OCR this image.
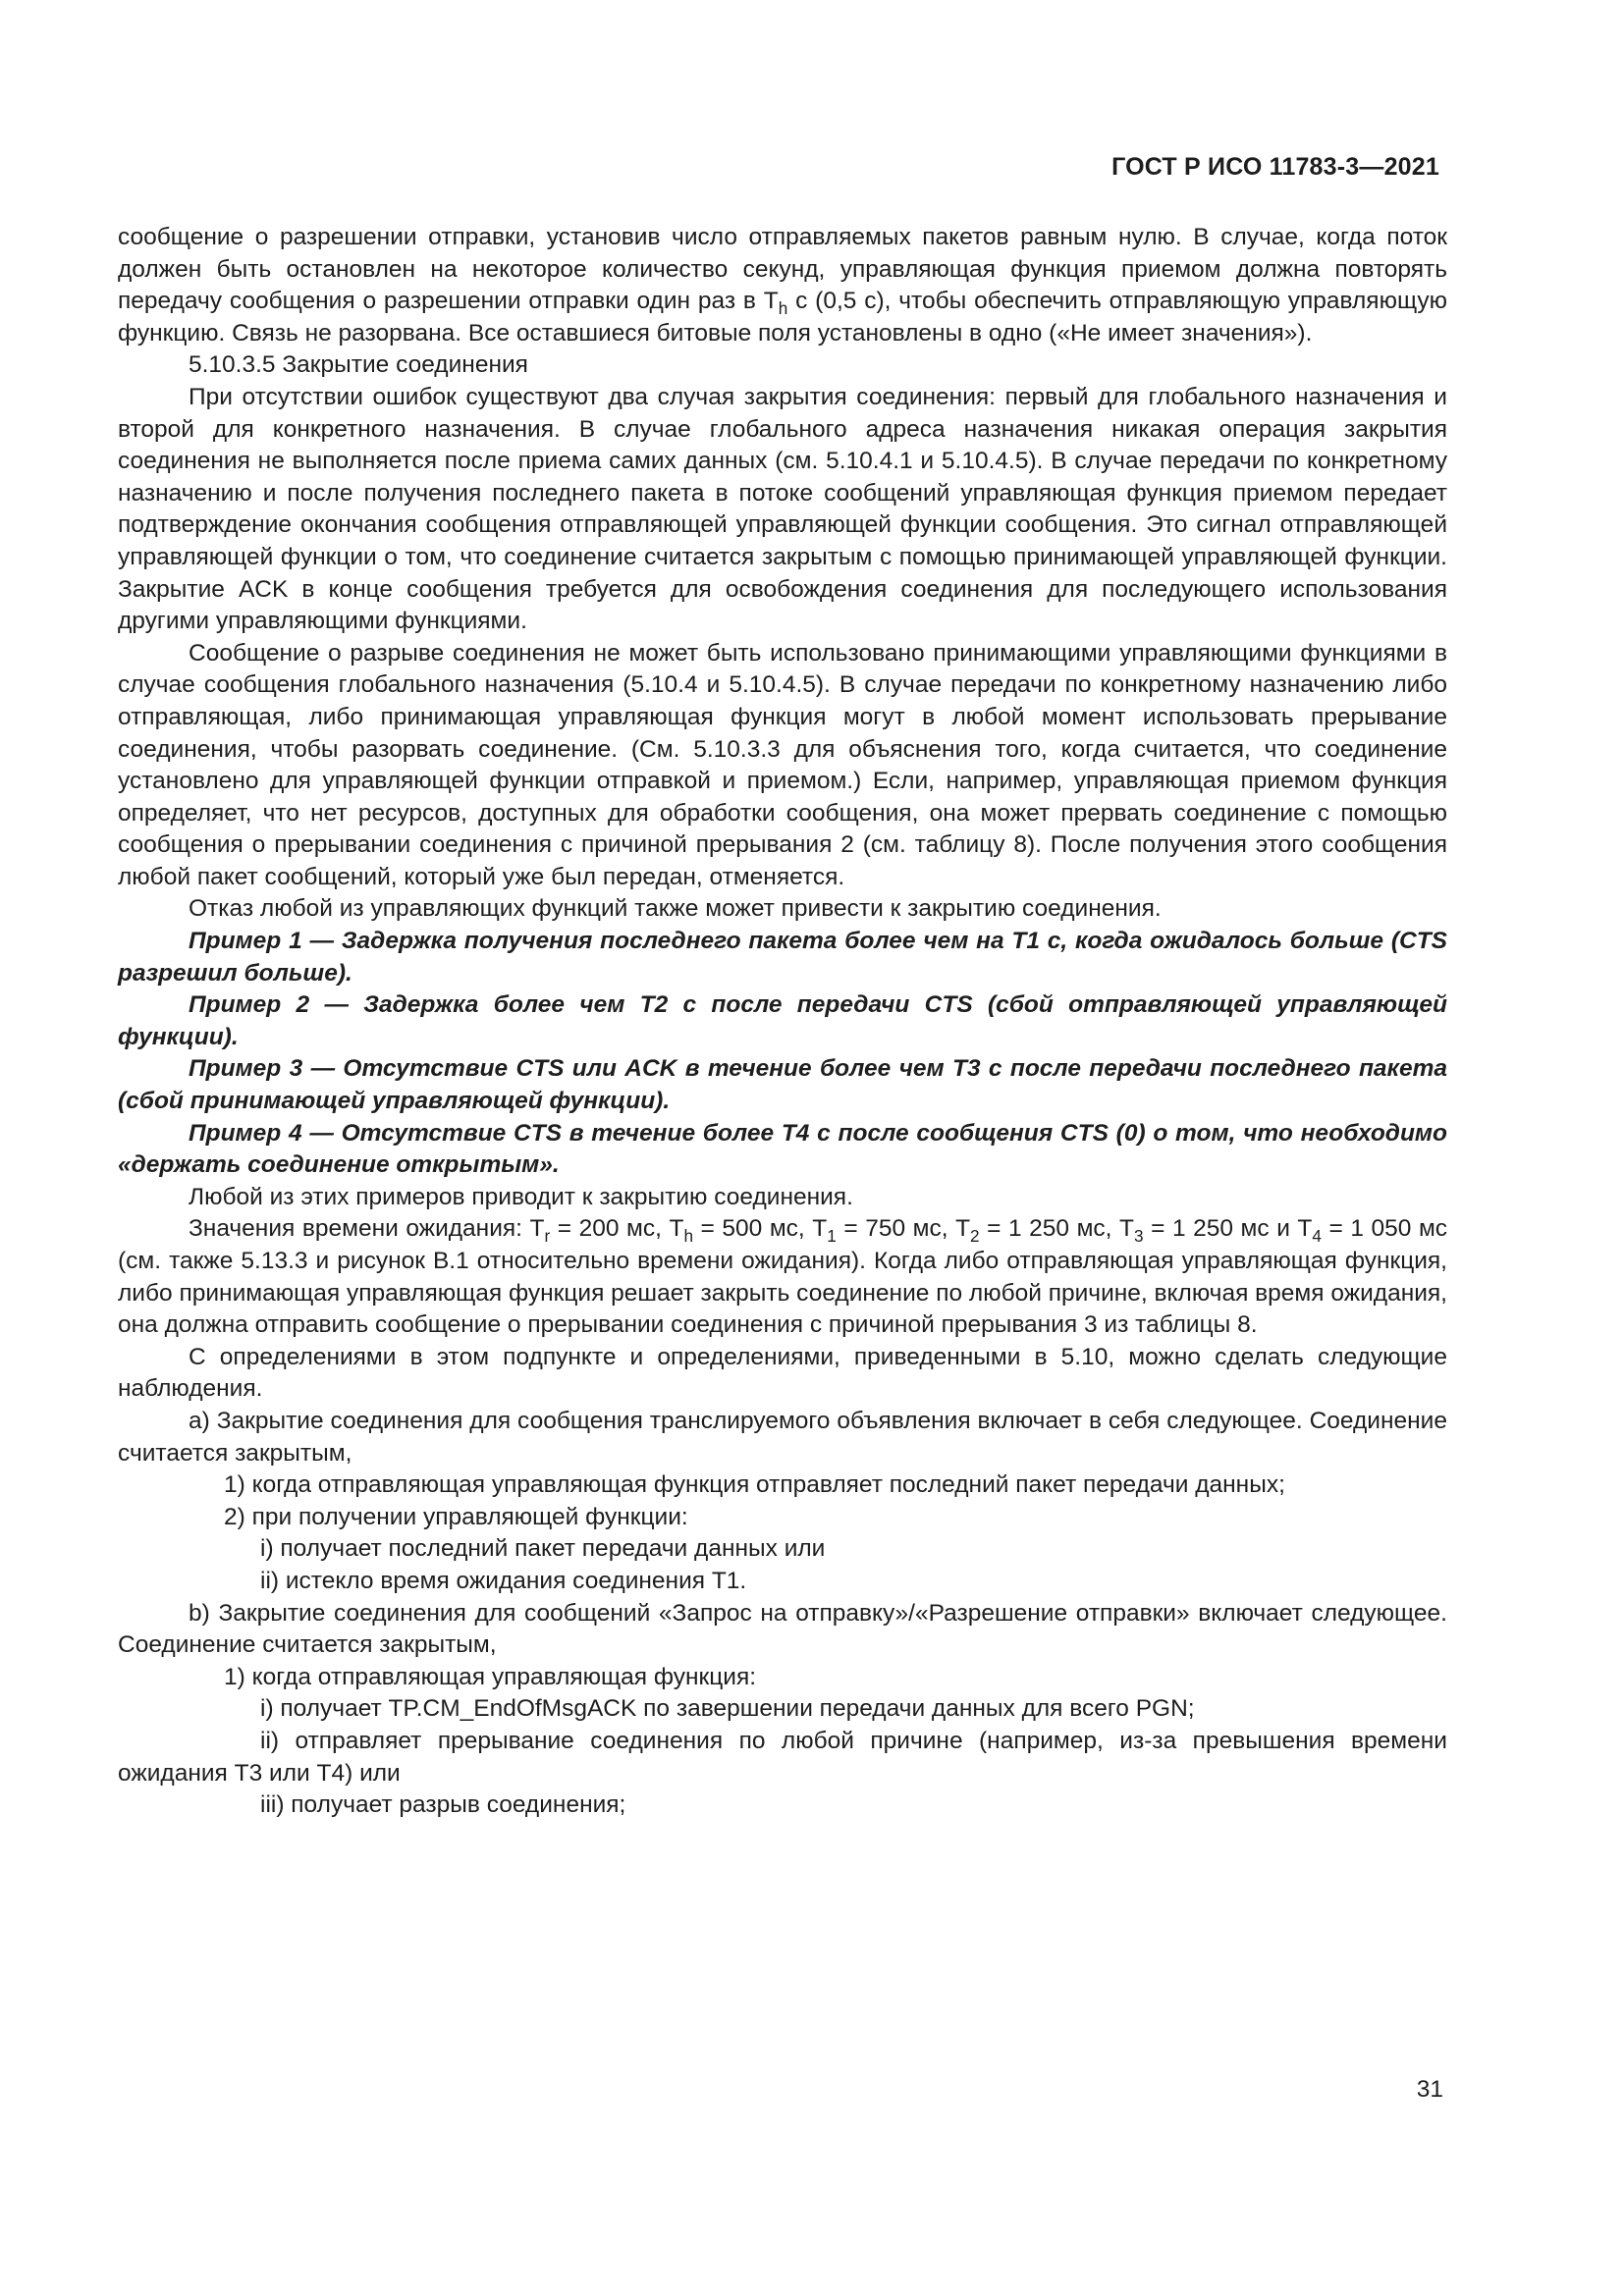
ГОСТ Р ИСО 11783-3—2021

сообщение о разрешении отправки, установив число отправляемых пакетов равным нулю. В случае, когда поток должен быть остановлен на некоторое количество секунд, управляющая функция приемом должна повторять передачу сообщения о разрешении отправки один раз в $T_h$ с (0,5 с), чтобы обеспечить отправляющую управляющую функцию. Связь не разорвана. Все оставшиеся битовые поля установлены в одно («Не имеет значения»).

5.10.3.5 Закрытие соединения

При отсутствии ошибок существуют два случая закрытия соединения: первый для глобального назначения и второй для конкретного назначения. В случае глобального адреса назначения никакая операция закрытия соединения не выполняется после приема самих данных (см. 5.10.4.1 и 5.10.4.5). В случае передачи по конкретному назначению и после получения последнего пакета в потоке сообщений управляющая функция приемом передает подтверждение окончания сообщения отправляющей управляющей функции сообщения. Это сигнал отправляющей управляющей функции о том, что соединение считается закрытым с помощью принимающей управляющей функции. Закрытие ACK в конце сообщения требуется для освобождения соединения для последующего использования другими управляющими функциями.

Сообщение о разрыве соединения не может быть использовано принимающими управляющими функциями в случае сообщения глобального назначения (5.10.4 и 5.10.4.5). В случае передачи по конкретному назначению либо отправляющая, либо принимающая управляющая функция могут в любой момент использовать прерывание соединения, чтобы разорвать соединение. (См. 5.10.3.3 для объяснения того, когда считается, что соединение установлено для управляющей функции отправкой и приемом.) Если, например, управляющая приемом функция определяет, что нет ресурсов, доступных для обработки сообщения, она может прервать соединение с помощью сообщения о прерывании соединения с причиной прерывания 2 (см. таблицу 8). После получения этого сообщения любой пакет сообщений, который уже был передан, отменяется.

Отказ любой из управляющих функций также может привести к закрытию соединения.

Пример 1 — Задержка получения последнего пакета более чем на T1 с, когда ожидалось больше (CTS разрешил больше).

Пример 2 — Задержка более чем T2 с после передачи CTS (сбой отправляющей управляющей функции).

Пример 3 — Отсутствие CTS или ACK в течение более чем T3 с после передачи последнего пакета (сбой принимающей управляющей функции).

Пример 4 — Отсутствие CTS в течение более T4 с после сообщения CTS (0) о том, что необходимо «держать соединение открытым».

Любой из этих примеров приводит к закрытию соединения.

Значения времени ожидания: $T_r = 200$ мс, $T_h = 500$ мс, $T_1 = 750$ мс, $T_2 = 1$ 250 мс, $T_3 = 1$ 250 мс и $T_4 = 1$ 050 мс (см. также 5.13.3 и рисунок B.1 относительно времени ожидания). Когда либо отправляющая управляющая функция, либо принимающая управляющая функция решает закрыть соединение по любой причине, включая время ожидания, она должна отправить сообщение о прерывании соединения с причиной прерывания 3 из таблицы 8.

С определениями в этом подпункте и определениями, приведенными в 5.10, можно сделать следующие наблюдения.

a) Закрытие соединения для сообщения транслируемого объявления включает в себя следующее. Соединение считается закрытым,

1) когда отправляющая управляющая функция отправляет последний пакет передачи данных;

2) при получении управляющей функции:

i) получает последний пакет передачи данных или

ii) истекло время ожидания соединения T1.

b) Закрытие соединения для сообщений «Запрос на отправку»/«Разрешение отправки» включает следующее. Соединение считается закрытым,

1) когда отправляющая управляющая функция:

i) получает TP.CM_EndOfMsgACK по завершении передачи данных для всего PGN;

ii) отправляет прерывание соединения по любой причине (например, из-за превышения времени ожидания T3 или T4) или

iii) получает разрыв соединения;

31
